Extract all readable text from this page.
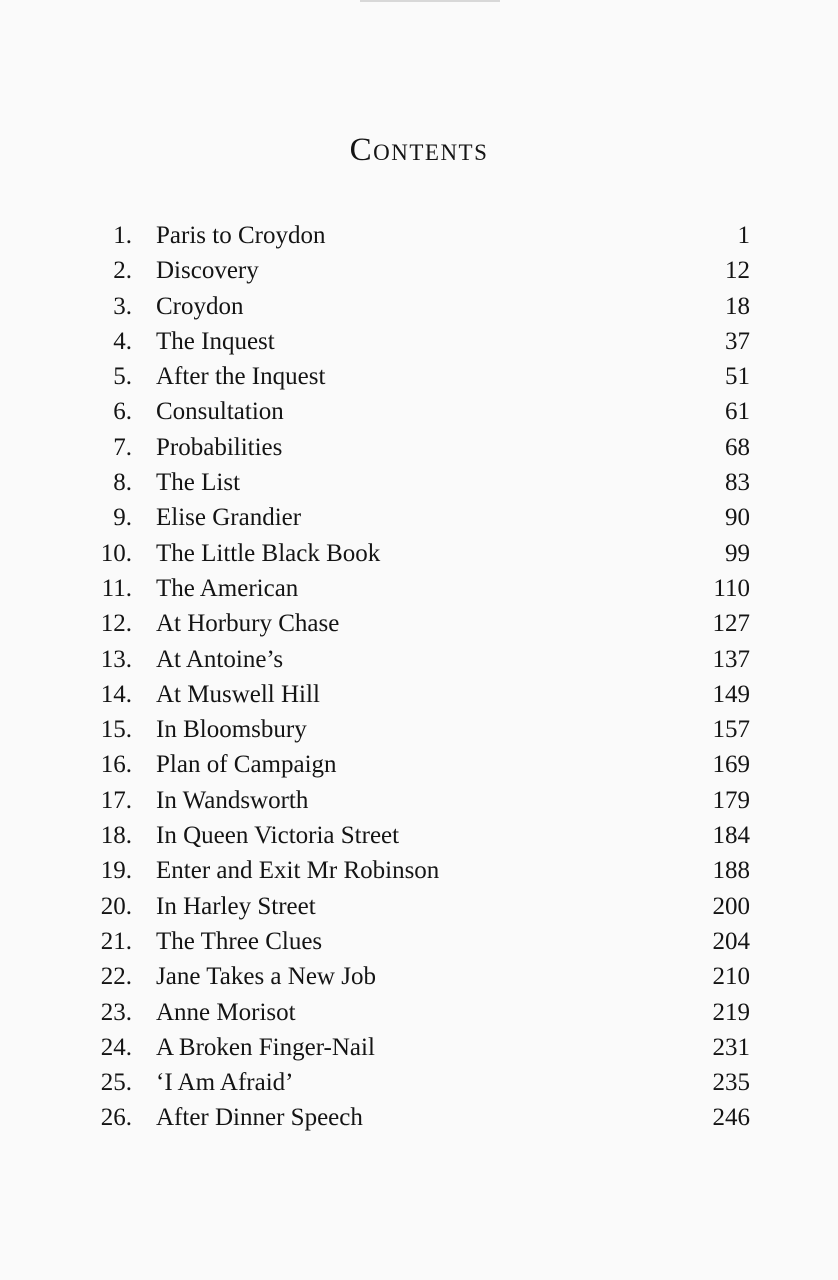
Contents
1. Paris to Croydon	1
2. Discovery	12
3. Croydon	18
4. The Inquest	37
5. After the Inquest	51
6. Consultation	61
7. Probabilities	68
8. The List	83
9. Elise Grandier	90
10. The Little Black Book	99
11. The American	110
12. At Horbury Chase	127
13. At Antoine’s	137
14. At Muswell Hill	149
15. In Bloomsbury	157
16. Plan of Campaign	169
17. In Wandsworth	179
18. In Queen Victoria Street	184
19. Enter and Exit Mr Robinson	188
20. In Harley Street	200
21. The Three Clues	204
22. Jane Takes a New Job	210
23. Anne Morisot	219
24. A Broken Finger-Nail	231
25. ‘I Am Afraid’	235
26. After Dinner Speech	246
